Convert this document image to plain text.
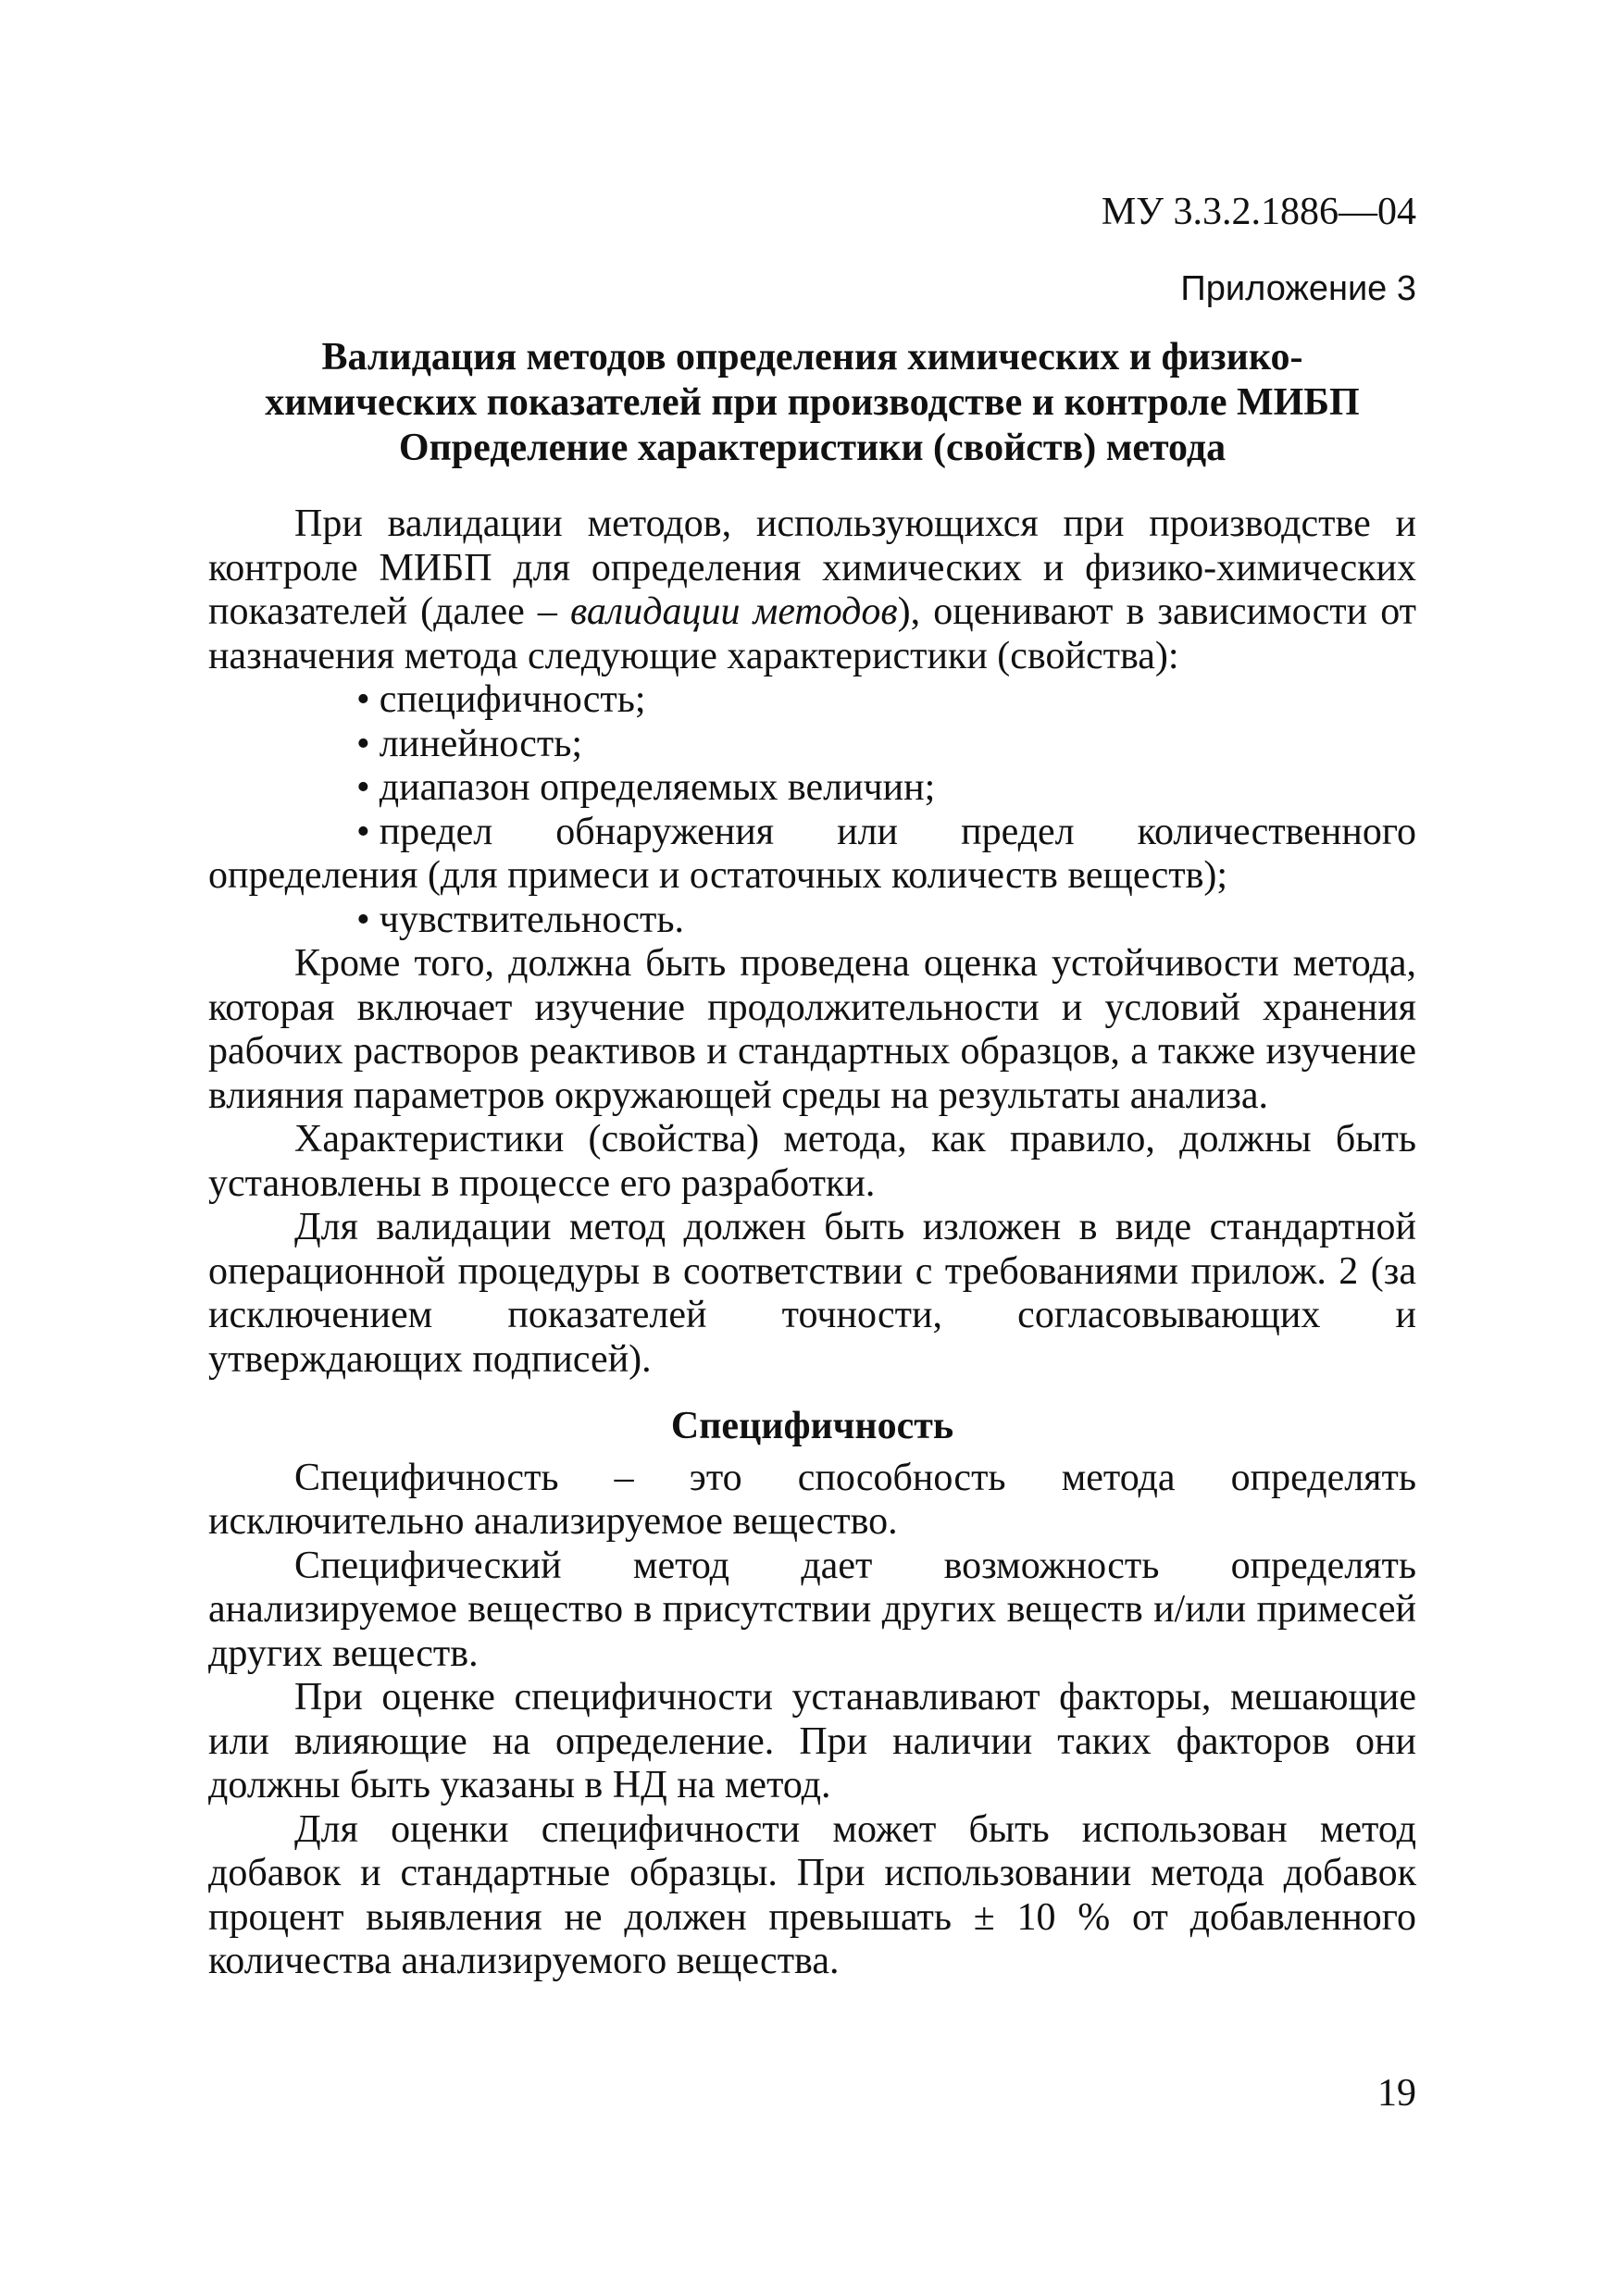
МУ 3.3.2.1886—04
Приложение 3
Валидация методов определения химических и физико-
химических показателей при производстве и контроле МИБП
Определение характеристики (свойств) метода

При валидации методов, использующихся при производстве и контроле МИБП для определения химических и физико-химических показателей (далее – валидации методов), оценивают в зависимости от назначения метода следующие характеристики (свойства):

• специфичность;

• линейность;

• диапазон определяемых величин;

• предел обнаружения или предел количественного определения (для примеси и остаточных количеств веществ);

• чувствительность.

Кроме того, должна быть проведена оценка устойчивости метода, которая включает изучение продолжительности и условий хранения рабочих растворов реактивов и стандартных образцов, а также изучение влияния параметров окружающей среды на результаты анализа.

Характеристики (свойства) метода, как правило, должны быть установлены в процессе его разработки.

Для валидации метод должен быть изложен в виде стандартной операционной процедуры в соответствии с требованиями прилож. 2 (за исключением показателей точности, согласовывающих и утверждающих подписей).

Специфичность

Специфичность – это способность метода определять исключительно анализируемое вещество.

Специфический метод дает возможность определять анализируемое вещество в присутствии других веществ и/или примесей других веществ.

При оценке специфичности устанавливают факторы, мешающие или влияющие на определение. При наличии таких факторов они должны быть указаны в НД на метод.

Для оценки специфичности может быть использован метод добавок и стандартные образцы. При использовании метода добавок процент выявления не должен превышать ± 10 % от добавленного количества анализируемого вещества.

19
